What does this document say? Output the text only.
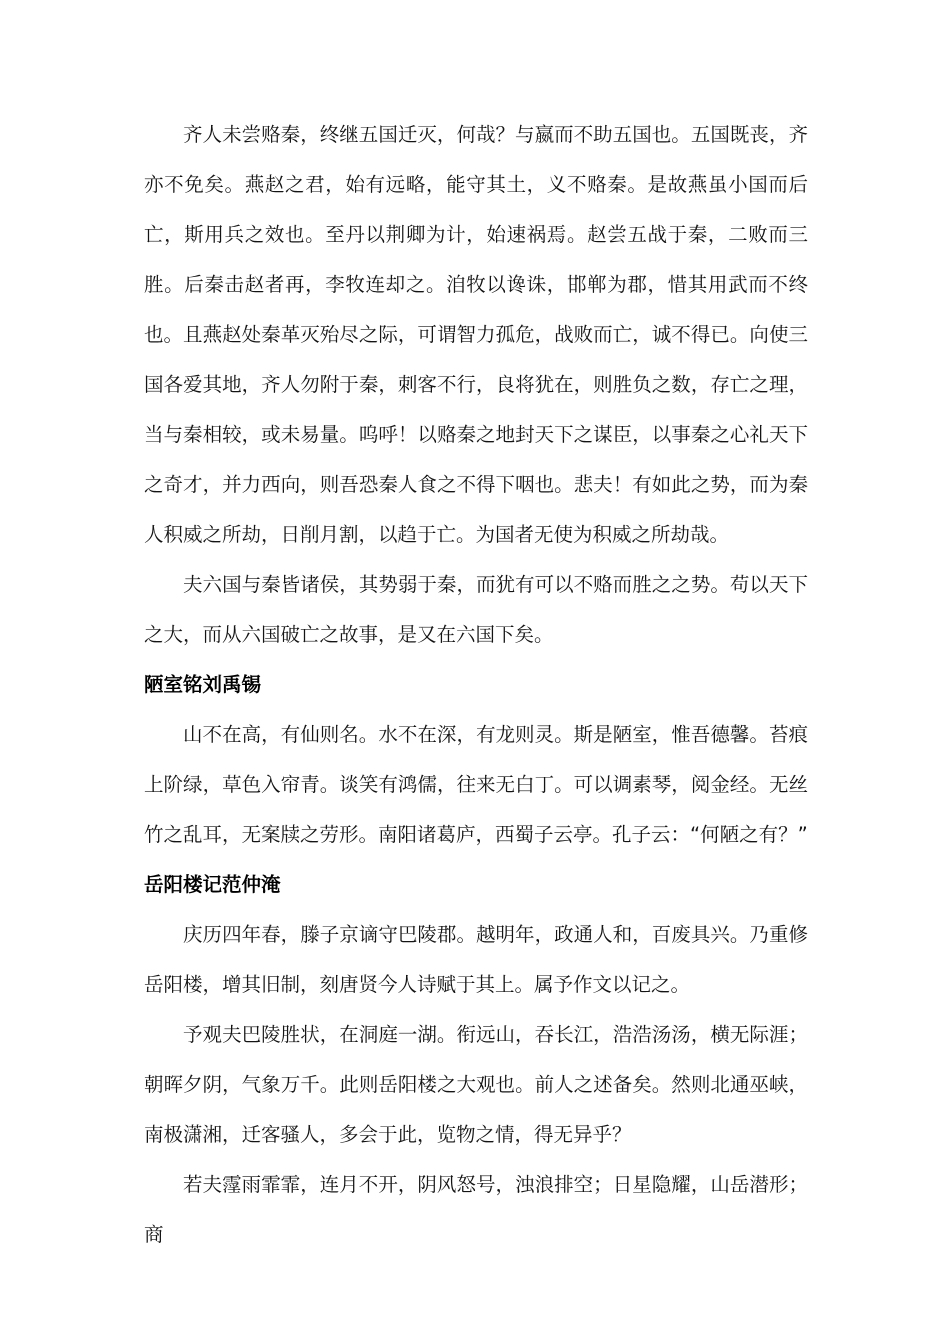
齐人未尝赂秦，终继五国迁灭，何哉？与嬴而不助五国也。五国既丧，齐亦不免矣。燕赵之君，始有远略，能守其土，义不赂秦。是故燕虽小国而后亡，斯用兵之效也。至丹以荆卿为计，始速祸焉。赵尝五战于秦，二败而三胜。后秦击赵者再，李牧连却之。洎牧以谗诛，邯郸为郡，惜其用武而不终也。且燕赵处秦革灭殆尽之际，可谓智力孤危，战败而亡，诚不得已。向使三国各爱其地，齐人勿附于秦，刺客不行，良将犹在，则胜负之数，存亡之理，当与秦相较，或未易量。呜呼！以赂秦之地封天下之谋臣，以事秦之心礼天下之奇才，并力西向，则吾恐秦人食之不得下咽也。悲夫！有如此之势，而为秦人积威之所劫，日削月割，以趋于亡。为国者无使为积威之所劫哉。

夫六国与秦皆诸侯，其势弱于秦，而犹有可以不赂而胜之之势。苟以天下之大，而从六国破亡之故事，是又在六国下矣。

陋室铭刘禹锡

山不在高，有仙则名。水不在深，有龙则灵。斯是陋室，惟吾德馨。苔痕上阶绿，草色入帘青。谈笑有鸿儒，往来无白丁。可以调素琴，阅金经。无丝竹之乱耳，无案牍之劳形。南阳诸葛庐，西蜀子云亭。孔子云：“何陋之有？”

岳阳楼记范仲淹

庆历四年春，滕子京谪守巴陵郡。越明年，政通人和，百废具兴。乃重修岳阳楼，增其旧制，刻唐贤今人诗赋于其上。属予作文以记之。

予观夫巴陵胜状，在洞庭一湖。衔远山，吞长江，浩浩汤汤，横无际涯；朝晖夕阴，气象万千。此则岳阳楼之大观也。前人之述备矣。然则北通巫峡，南极潇湘，迁客骚人，多会于此，览物之情，得无异乎？

若夫霪雨霏霏，连月不开，阴风怒号，浊浪排空；日星隐耀，山岳潜形；商
